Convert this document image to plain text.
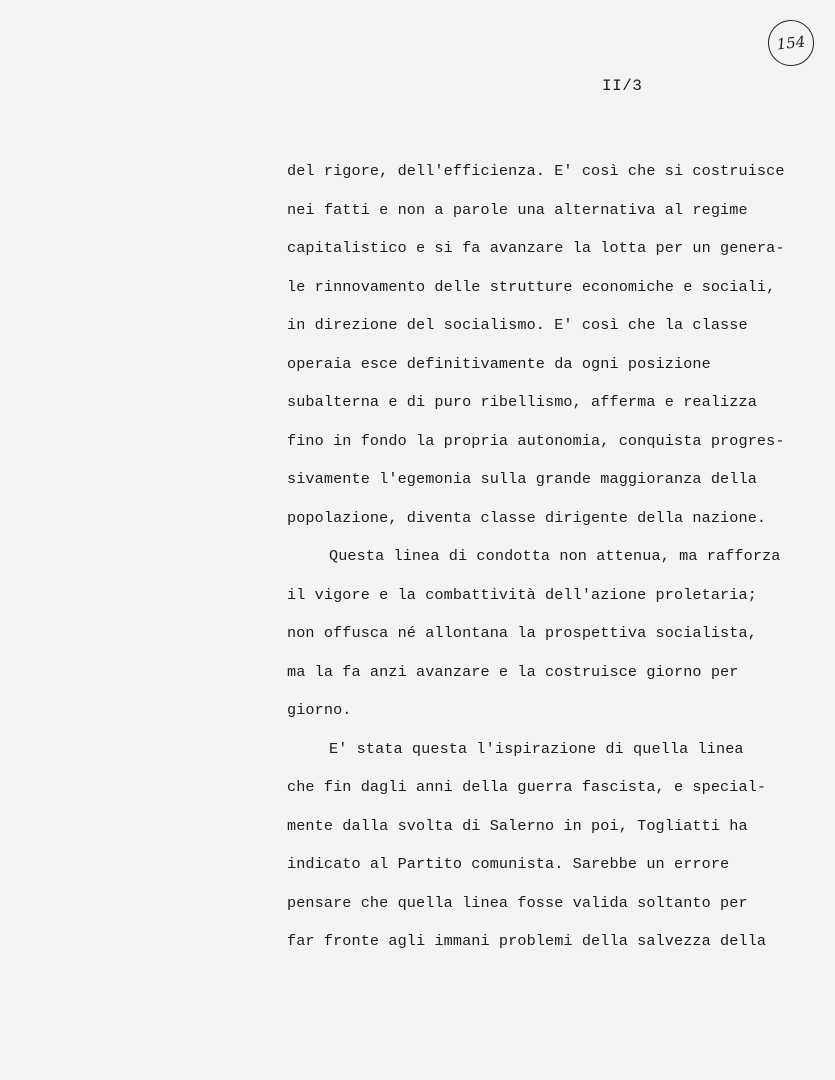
154
II/3
del rigore, dell'efficienza. E' così che si costruisce
nei fatti e non a parole una alternativa al regime
capitalistico e si fa avanzare la lotta per un genera-
le rinnovamento delle strutture economiche e sociali,
in direzione del socialismo. E' così che la classe
operaia esce definitivamente da ogni posizione
subalterna e di puro ribellismo, afferma e realizza
fino in fondo la propria autonomia, conquista progres-
sivamente l'egemonia sulla grande maggioranza della
popolazione, diventa classe dirigente della nazione.
Questa linea di condotta non attenua, ma rafforza
il vigore e la combattività dell'azione proletaria;
non offusca né allontana la prospettiva socialista,
ma la fa anzi avanzare e la costruisce giorno per
giorno.
E' stata questa l'ispirazione di quella linea
che fin dagli anni della guerra fascista, e special-
mente dalla svolta di Salerno in poi, Togliatti ha
indicato al Partito comunista. Sarebbe un errore
pensare che quella linea fosse valida soltanto per
far fronte agli immani problemi della salvezza della
